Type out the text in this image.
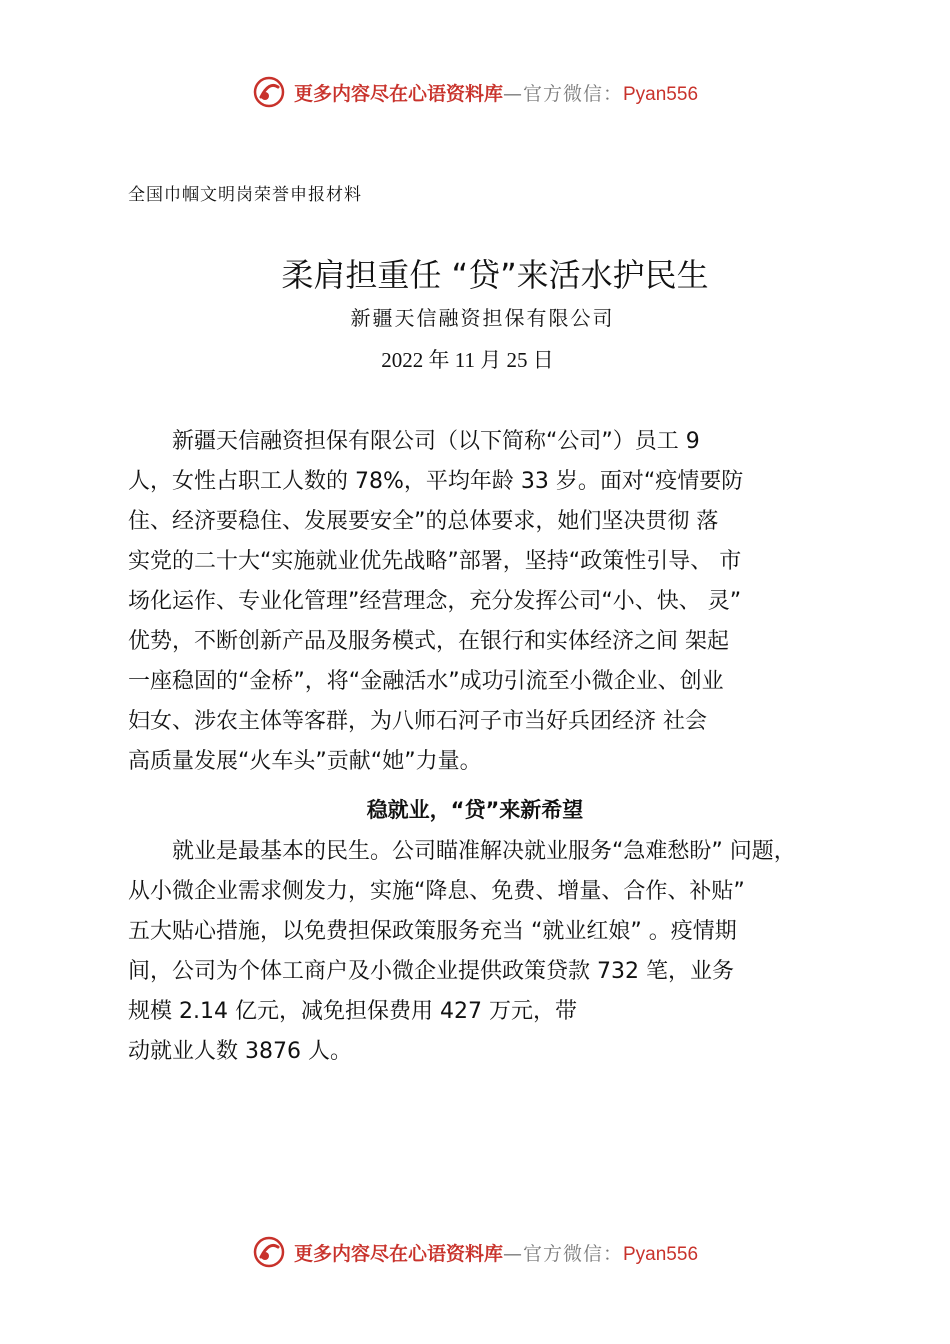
更多内容尽在心语资料库—官方微信：Pyan556
全国巾帼文明岗荣誉申报材料
柔肩担重任 “贷”来活水护民生
新疆天信融资担保有限公司
2022 年 11 月 25 日
　　新疆天信融资担保有限公司（以下简称“公司”）员工 9
人，女性占职工人数的 78%，平均年龄 33 岁。面对“疫情要防
住、经济要稳住、发展要安全”的总体要求，她们坚决贯彻 落
实党的二十大“实施就业优先战略”部署，坚持“政策性引导、 市
场化运作、专业化管理”经营理念，充分发挥公司“小、快、 灵”
优势，不断创新产品及服务模式，在银行和实体经济之间 架起
一座稳固的“金桥”，将“金融活水”成功引流至小微企业、创业
妇女、涉农主体等客群，为八师石河子市当好兵团经济 社会
高质量发展“火车头”贡献“她”力量。
稳就业，“贷”来新希望
　　就业是最基本的民生。公司瞄准解决就业服务“急难愁盼” 问题，
从小微企业需求侧发力，实施“降息、免费、增量、合作、补贴”
五大贴心措施，以免费担保政策服务充当 “就业红娘” 。疫情期
间，公司为个体工商户及小微企业提供政策贷款 732 笔，业务
规模 2.14 亿元，减免担保费用 427 万元，带
动就业人数 3876 人。
更多内容尽在心语资料库—官方微信：Pyan556
